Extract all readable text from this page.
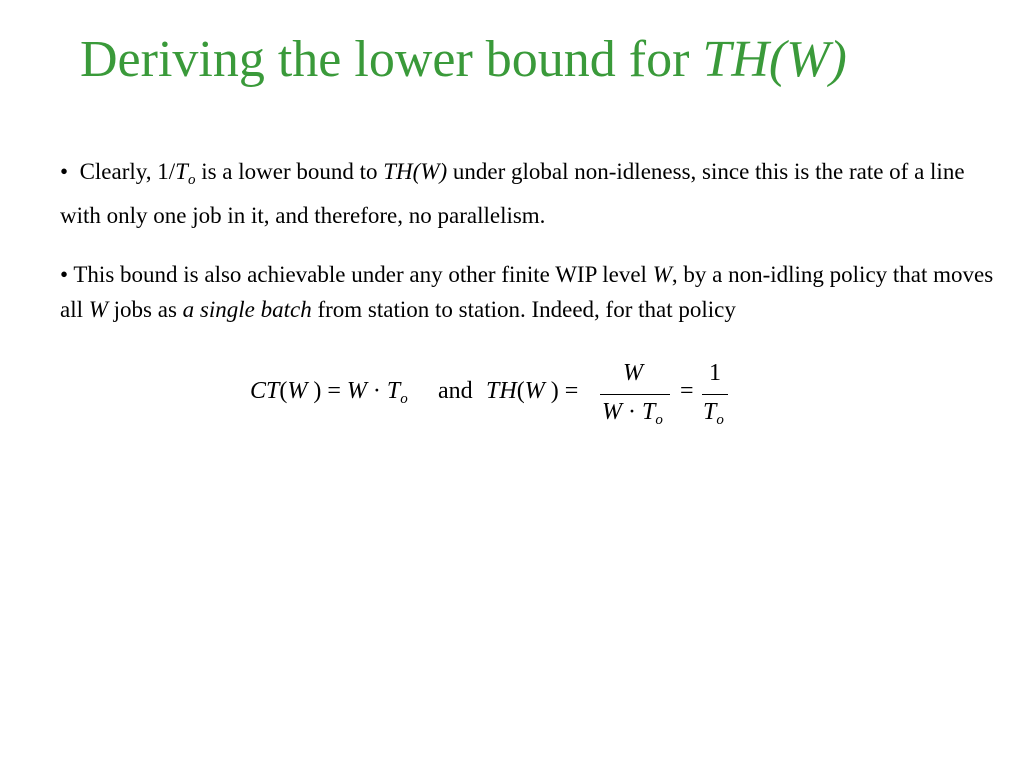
Deriving the lower bound for TH(W)
• Clearly, $1/T_o$ is a lower bound to TH(W) under global non-idleness, since this is the rate of a line with only one job in it, and therefore, no parallelism.
• This bound is also achievable under any other finite WIP level W, by a non-idling policy that moves all W jobs as a single batch from station to station. Indeed, for that policy
CT(W ) = $W \cdot T_o$ and TH(W ) =
W
$W \cdot T_o$
=
1
$T_o$
